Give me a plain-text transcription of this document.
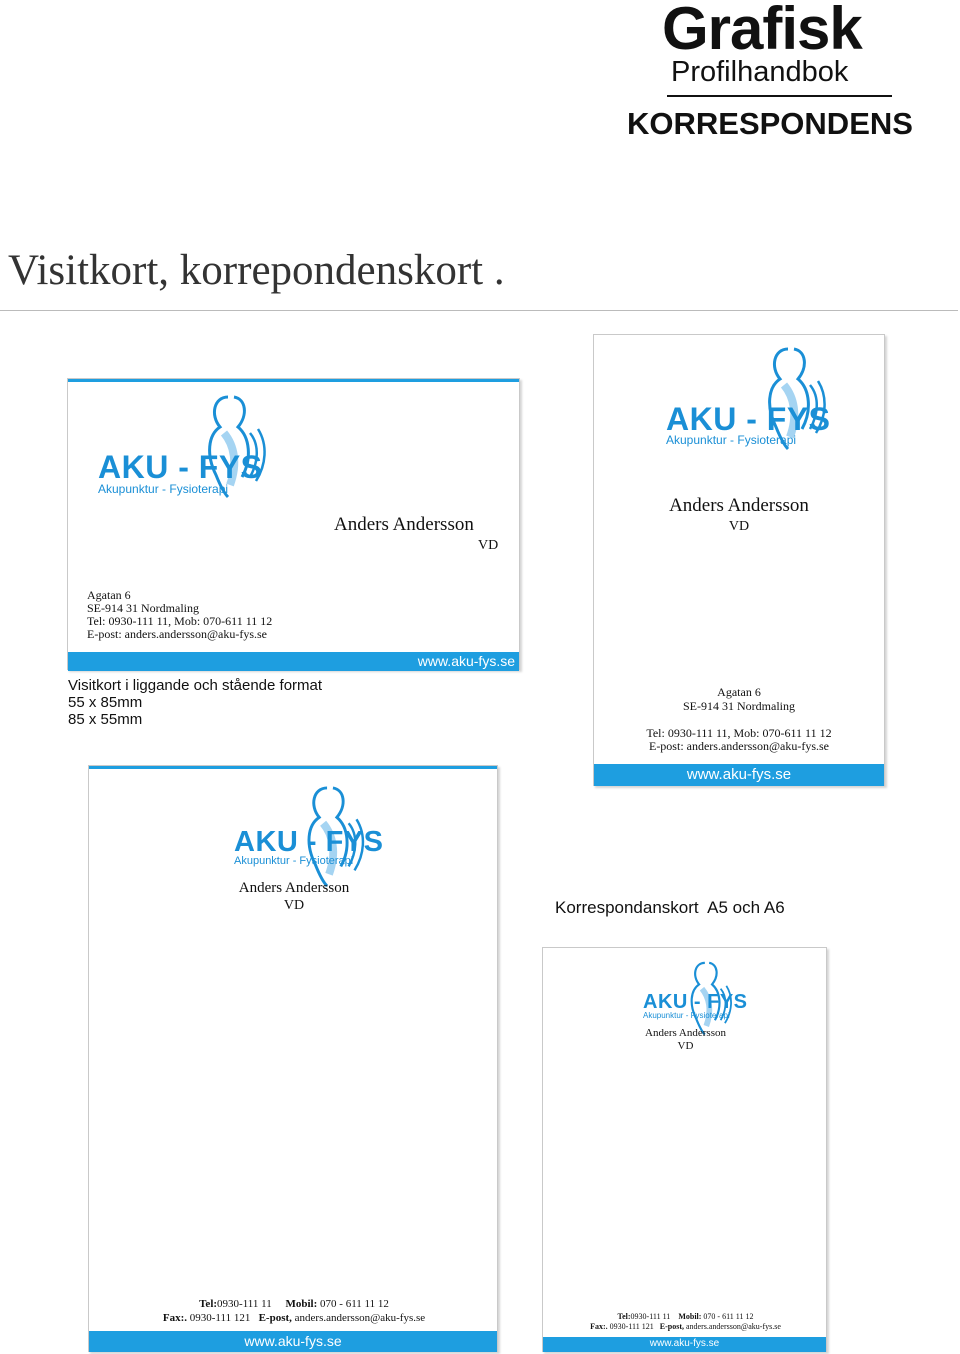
Grafisk
Profilhandbok
KORRESPONDENS
Visitkort, korrepondenskort .
AKU - FYS
Akupunktur - Fysioterapi
Anders Andersson
VD
Agatan 6
SE-914 31 Nordmaling
Tel: 0930-111 11, Mob: 070-611 11 12
E-post: anders.andersson@aku-fys.se
www.aku-fys.se
Visitkort i liggande och stående format
55 x 85mm
85 x 55mm
AKU - FYS
Akupunktur - Fysioterapi
Anders Andersson
VD
Agatan 6
SE-914 31 Nordmaling
Tel: 0930-111 11, Mob: 070-611 11 12
E-post: anders.andersson@aku-fys.se
www.aku-fys.se
AKU - FYS
Akupunktur - Fysioterapi
Anders Andersson
VD
Tel:0930-111 11 Mobil: 070 - 611 11 12
Fax:. 0930-111 121 E-post, anders.andersson@aku-fys.se
www.aku-fys.se
Korrespondanskort  A5 och A6
AKU - FYS
Akupunktur - Fysioterapi
Anders Andersson
VD
Tel:0930-111 11 Mobil: 070 - 611 11 12
Fax:. 0930-111 121 E-post, anders.andersson@aku-fys.se
www.aku-fys.se
